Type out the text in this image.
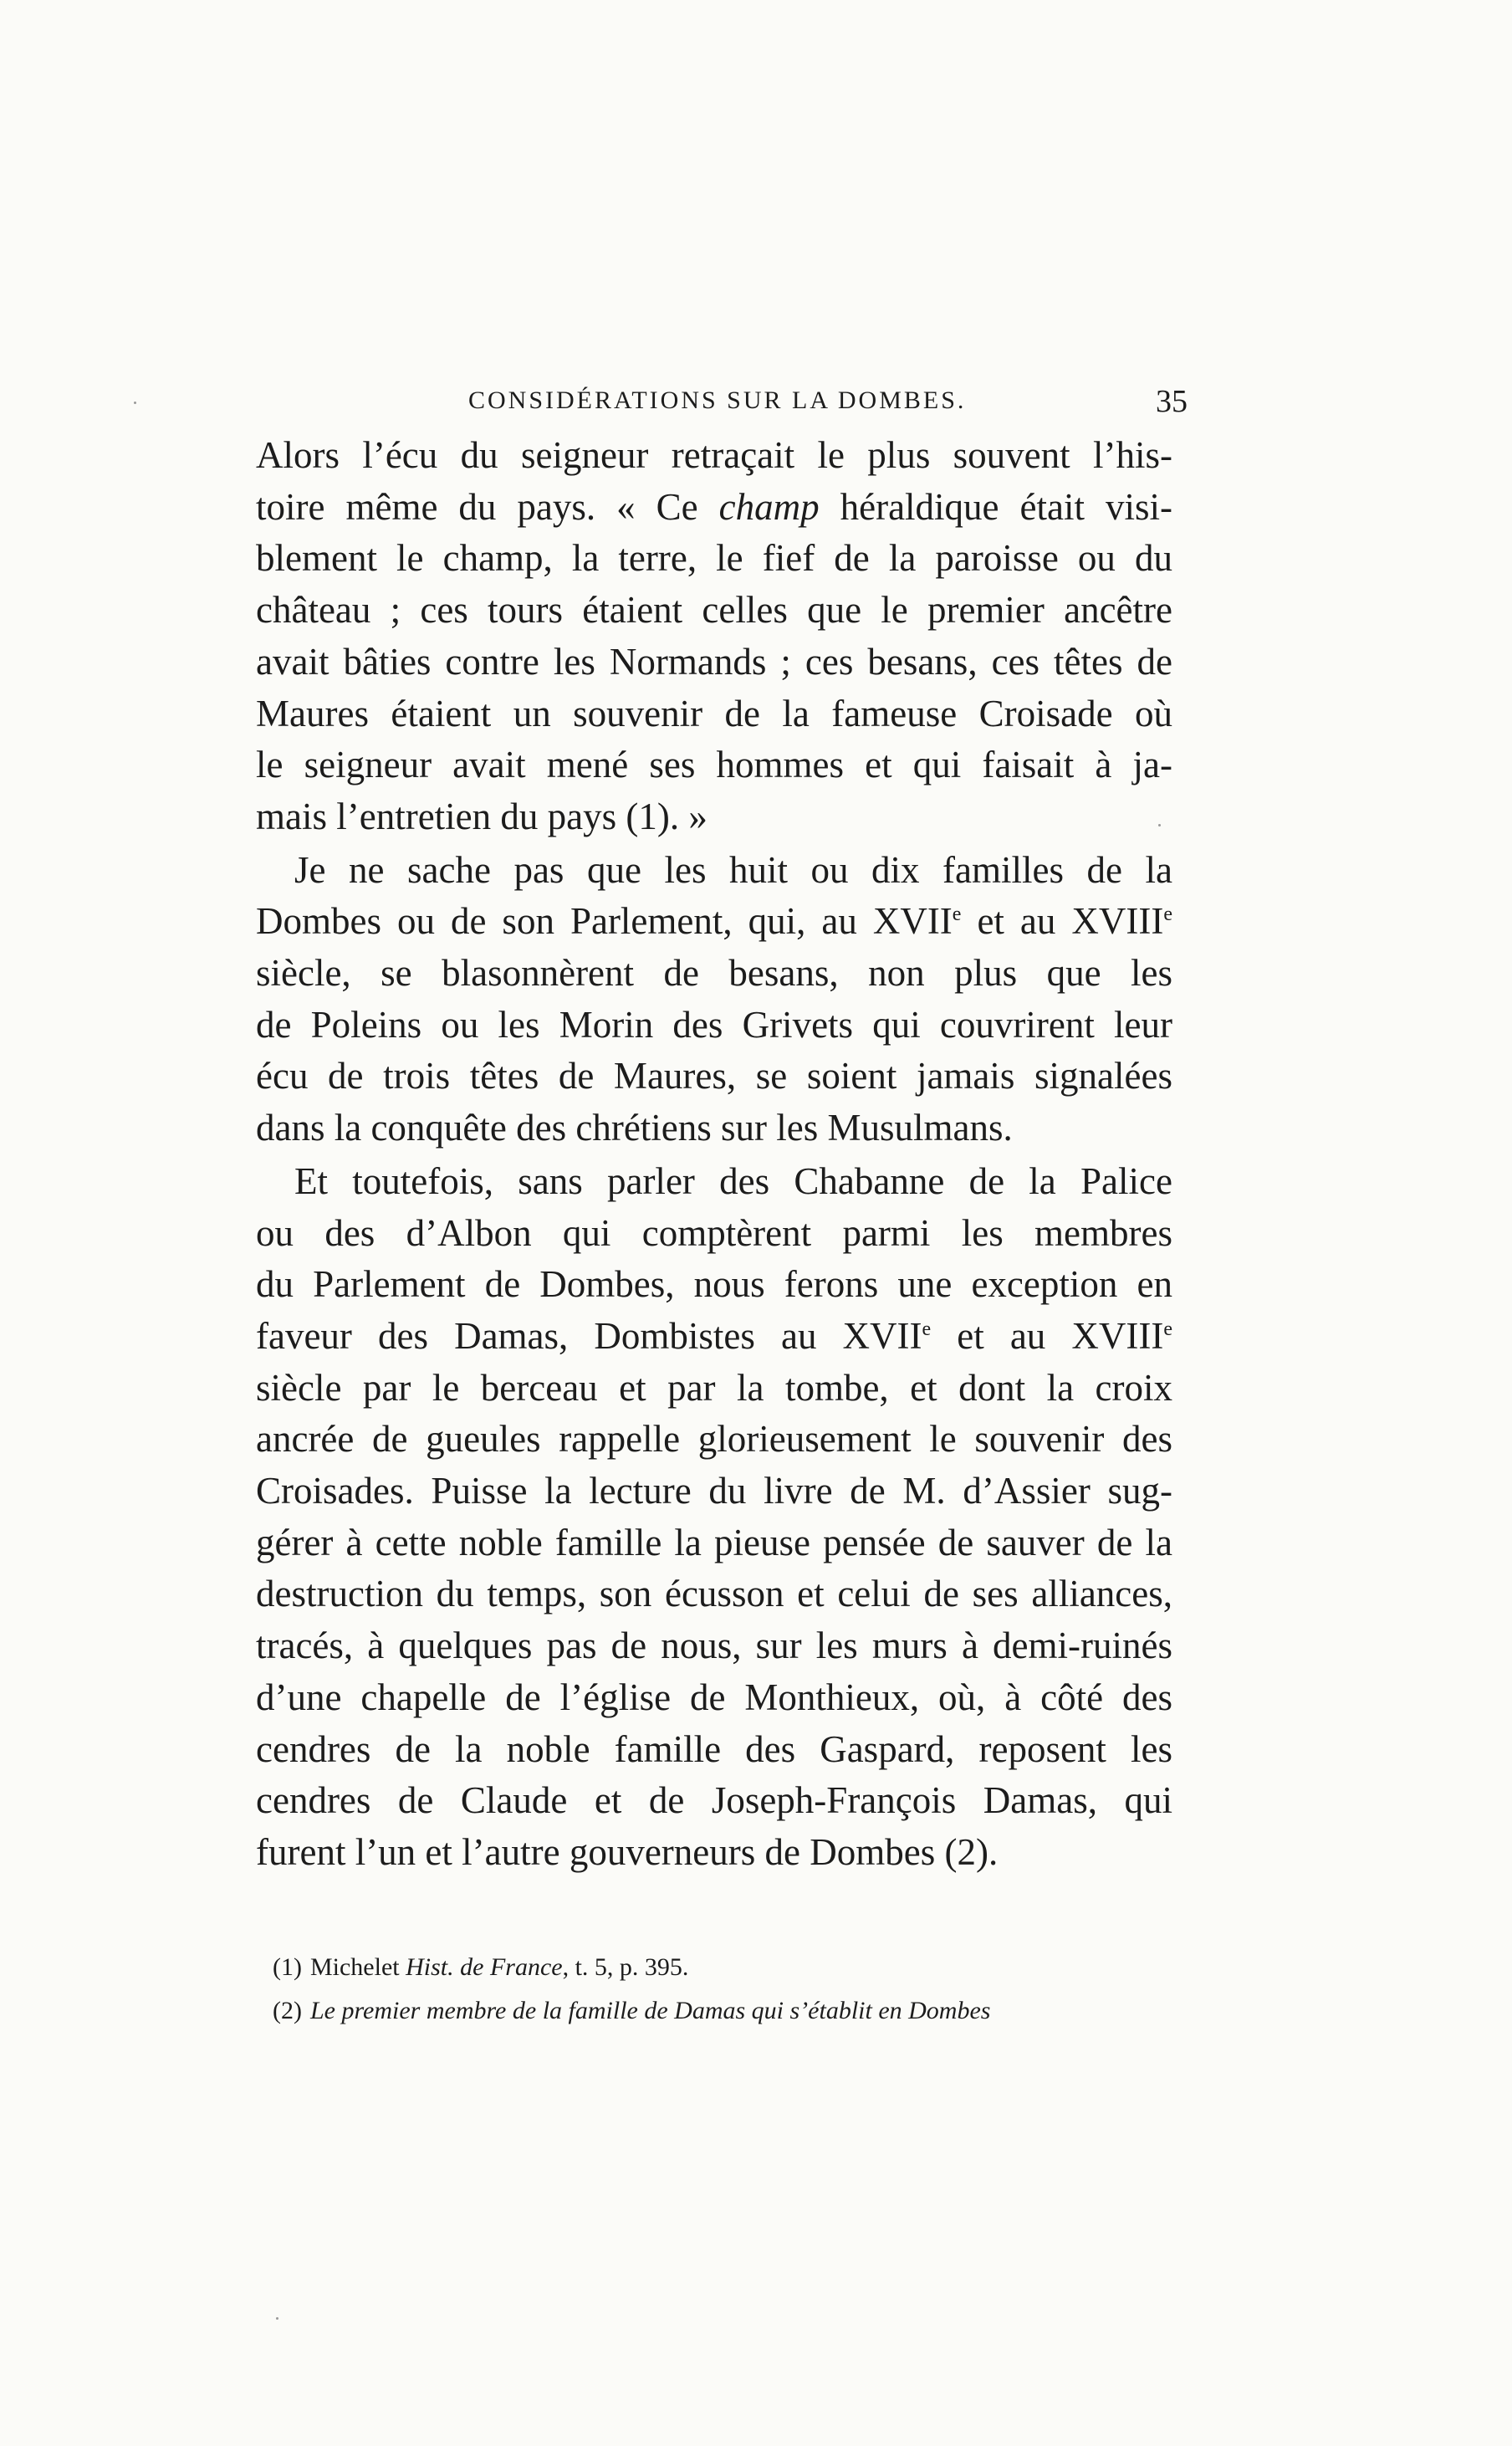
CONSIDÉRATIONS SUR LA DOMBES.	35
Alors l’écu du seigneur retraçait le plus souvent l’his-
toire même du pays. « Ce champ héraldique était visi-
blement le champ, la terre, le fief de la paroisse ou du
château ; ces tours étaient celles que le premier ancêtre
avait bâties contre les Normands ; ces besans, ces têtes de
Maures étaient un souvenir de la fameuse Croisade où
le seigneur avait mené ses hommes et qui faisait à ja-
mais l’entretien du pays (1). »
Je ne sache pas que les huit ou dix familles de la
Dombes ou de son Parlement, qui, au XVIIe et au XVIIIe
siècle, se blasonnèrent de besans, non plus que les
de Poleins ou les Morin des Grivets qui couvrirent leur
écu de trois têtes de Maures, se soient jamais signalées
dans la conquête des chrétiens sur les Musulmans.
Et toutefois, sans parler des Chabanne de la Palice
ou des d’Albon qui comptèrent parmi les membres
du Parlement de Dombes, nous ferons une exception en
faveur des Damas, Dombistes au XVIIe et au XVIIIe
siècle par le berceau et par la tombe, et dont la croix
ancrée de gueules rappelle glorieusement le souvenir des
Croisades. Puisse la lecture du livre de M. d’Assier sug-
gérer à cette noble famille la pieuse pensée de sauver de la
destruction du temps, son écusson et celui de ses alliances,
tracés, à quelques pas de nous, sur les murs à demi-ruinés
d’une chapelle de l’église de Monthieux, où, à côté des
cendres de la noble famille des Gaspard, reposent les
cendres de Claude et de Joseph-François Damas, qui
furent l’un et l’autre gouverneurs de Dombes (2).
(1) Michelet Hist. de France, t. 5, p. 395.
(2) Le premier membre de la famille de Damas qui s’établit en Dombes
